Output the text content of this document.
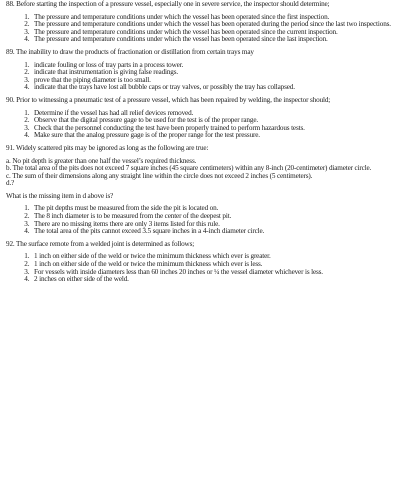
88. Before starting the inspection of a pressure vessel, especially one in severe service, the inspector should determine;

1. The pressure and temperature conditions under which the vessel has been operated since the first inspection.
2. The pressure and temperature conditions under which the vessel has been operated during the period since the last two inspections.
3. The pressure and temperature conditions under which the vessel has been operated since the current inspection.
4. The pressure and temperature conditions under which the vessel has been operated since the last inspection.

89. The inability to draw the products of fractionation or distillation from certain trays may

1. indicate fouling or loss of tray parts in a process tower.
2. indicate that instrumentation is giving false readings.
3. prove that the piping diameter is too small.
4. indicate that the trays have lost all bubble caps or tray valves, or possibly the tray has collapsed.

90. Prior to witnessing a pneumatic test of a pressure vessel, which has been repaired by welding, the inspector should;

1. Determine if the vessel has had all relief devices removed.
2. Observe that the digital pressure gage to be used for the test is of the proper range.
3. Check that the personnel conducting the test have been properly trained to perform hazardous tests.
4. Make sure that the analog pressure gage is of the proper range for the test pressure.

91. Widely scattered pits may be ignored as long as the following are true:

a. No pit depth is greater than one half the vessel’s required thickness.

b. The total area of the pits does not exceed 7 square inches (45 square centimeters) within any 8-inch (20-centimeter) diameter circle.

c. The sum of their dimensions along any straight line within the circle does not exceed 2 inches (5 centimeters).

d.?

What is the missing item in d above is?

1. The pit depths must be measured from the side the pit is located on.
2. The 8 inch diameter is to be measured from the center of the deepest pit.
3. There are no missing items there are only 3 items listed for this rule.
4. The total area of the pits cannot exceed 3.5 square inches in a 4-inch diameter circle.

92. The surface remote from a welded joint is determined as follows;

1. 1 inch on either side of the weld or twice the minimum thickness which ever is greater.
2. 1 inch on either side of the weld or twice the minimum thickness which ever is less.
3. For vessels with inside diameters less than 60 inches 20 inches or ¼ the vessel diameter whichever is less.
4. 2 inches on either side of the weld.
